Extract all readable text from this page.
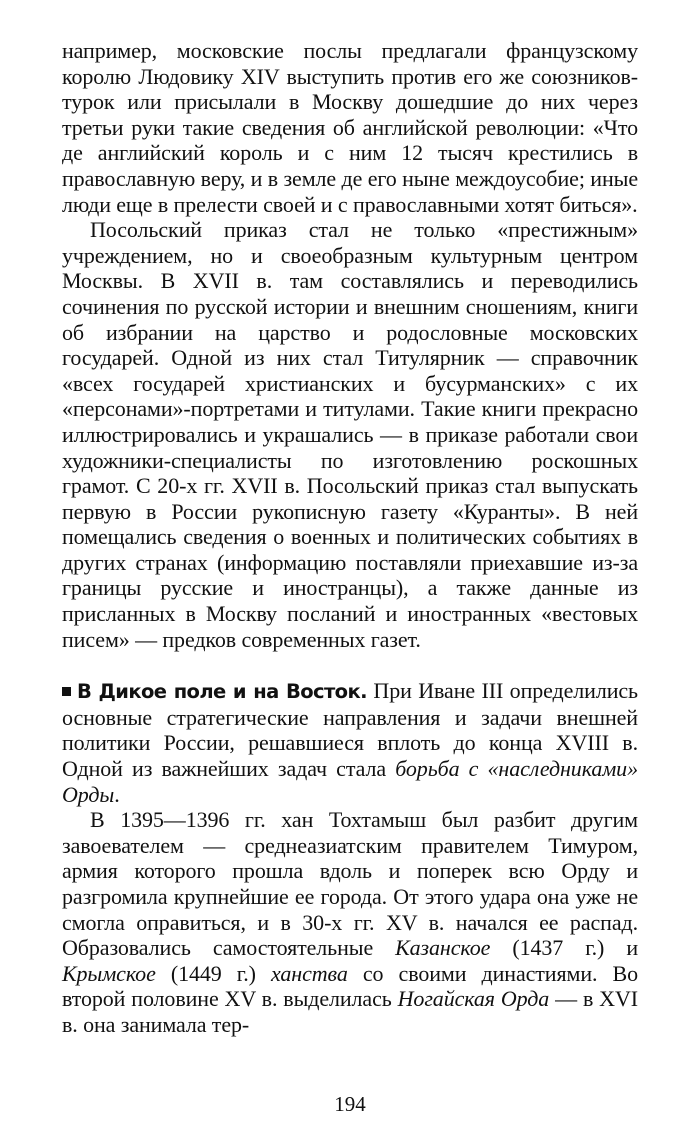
например, московские послы предлагали французскому королю Людовику XIV выступить против его же союзников-турок или присылали в Москву дошедшие до них через третьи руки такие сведения об английской революции: «Что де английский король и с ним 12 тысяч крестились в православную веру, и в земле де его ныне междоусобие; иные люди еще в прелести своей и с православными хотят биться».

Посольский приказ стал не только «престижным» учреждением, но и своеобразным культурным центром Москвы. В XVII в. там составлялись и переводились сочинения по русской истории и внешним сношениям, книги об избрании на царство и родословные московских государей. Одной из них стал Титулярник — справочник «всех государей христианских и бусурманских» с их «персонами»-портретами и титулами. Такие книги прекрасно иллюстрировались и украшались — в приказе работали свои художники-специалисты по изготовлению роскошных грамот. С 20-х гг. XVII в. Посольский приказ стал выпускать первую в России рукописную газету «Куранты». В ней помещались сведения о военных и политических событиях в других странах (информацию поставляли приехавшие из-за границы русские и иностранцы), а также данные из присланных в Москву посланий и иностранных «вестовых писем» — предков современных газет.

В Дикое поле и на Восток. При Иване III определились основные стратегические направления и задачи внешней политики России, решавшиеся вплоть до конца XVIII в. Одной из важнейших задач стала борьба с «наследниками» Орды.

В 1395—1396 гг. хан Тохтамыш был разбит другим завоевателем — среднеазиатским правителем Тимуром, армия которого прошла вдоль и поперек всю Орду и разгромила крупнейшие ее города. От этого удара она уже не смогла оправиться, и в 30-х гг. XV в. начался ее распад. Образовались самостоятельные Казанское (1437 г.) и Крымское (1449 г.) ханства со своими династиями. Во второй половине XV в. выделилась Ногайская Орда — в XVI в. она занимала тер-

194
